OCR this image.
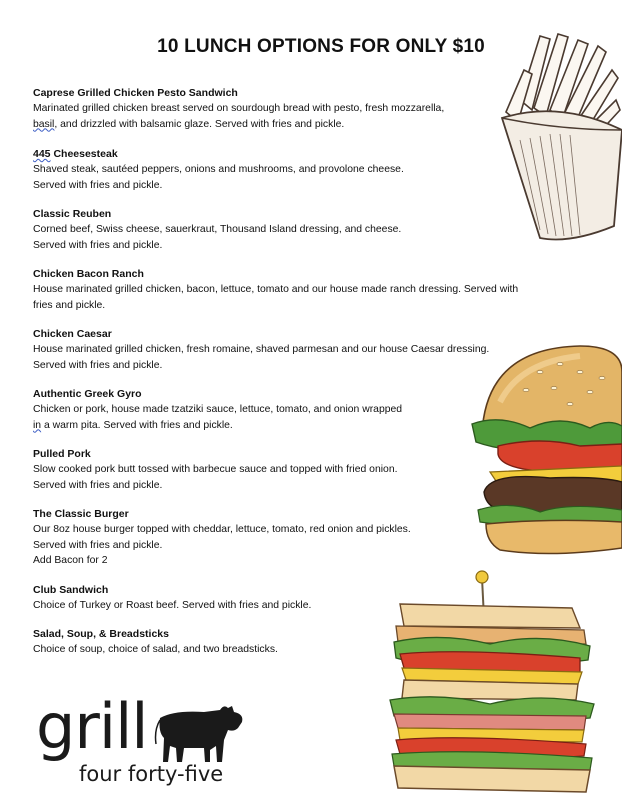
10 LUNCH OPTIONS FOR ONLY $10
Caprese Grilled Chicken Pesto Sandwich
Marinated grilled chicken breast served on sourdough bread with pesto, fresh mozzarella,
basil, and drizzled with balsamic glaze. Served with fries and pickle.
445 Cheesesteak
Shaved steak, sautéed peppers, onions and mushrooms, and provolone cheese.
Served with fries and pickle.
Classic Reuben
Corned beef, Swiss cheese, sauerkraut, Thousand Island dressing, and cheese.
Served with fries and pickle.
Chicken Bacon Ranch
House marinated grilled chicken, bacon, lettuce, tomato and our house made ranch dressing. Served with
fries and pickle.
Chicken Caesar
House marinated grilled chicken, fresh romaine, shaved parmesan and our house Caesar dressing.
Served with fries and pickle.
Authentic Greek Gyro
Chicken or pork, house made tzatziki sauce, lettuce, tomato, and onion wrapped
in a warm pita. Served with fries and pickle.
Pulled Pork
Slow cooked pork butt tossed with barbecue sauce and topped with fried onion.
Served with fries and pickle.
The Classic Burger
Our 8oz house burger topped with cheddar, lettuce, tomato, red onion and pickles.
Served with fries and pickle.
Add Bacon for 2
Club Sandwich
Choice of Turkey or Roast beef. Served with fries and pickle.
Salad, Soup, & Breadsticks
Choice of soup, choice of salad, and two breadsticks.
grill
four forty-five
